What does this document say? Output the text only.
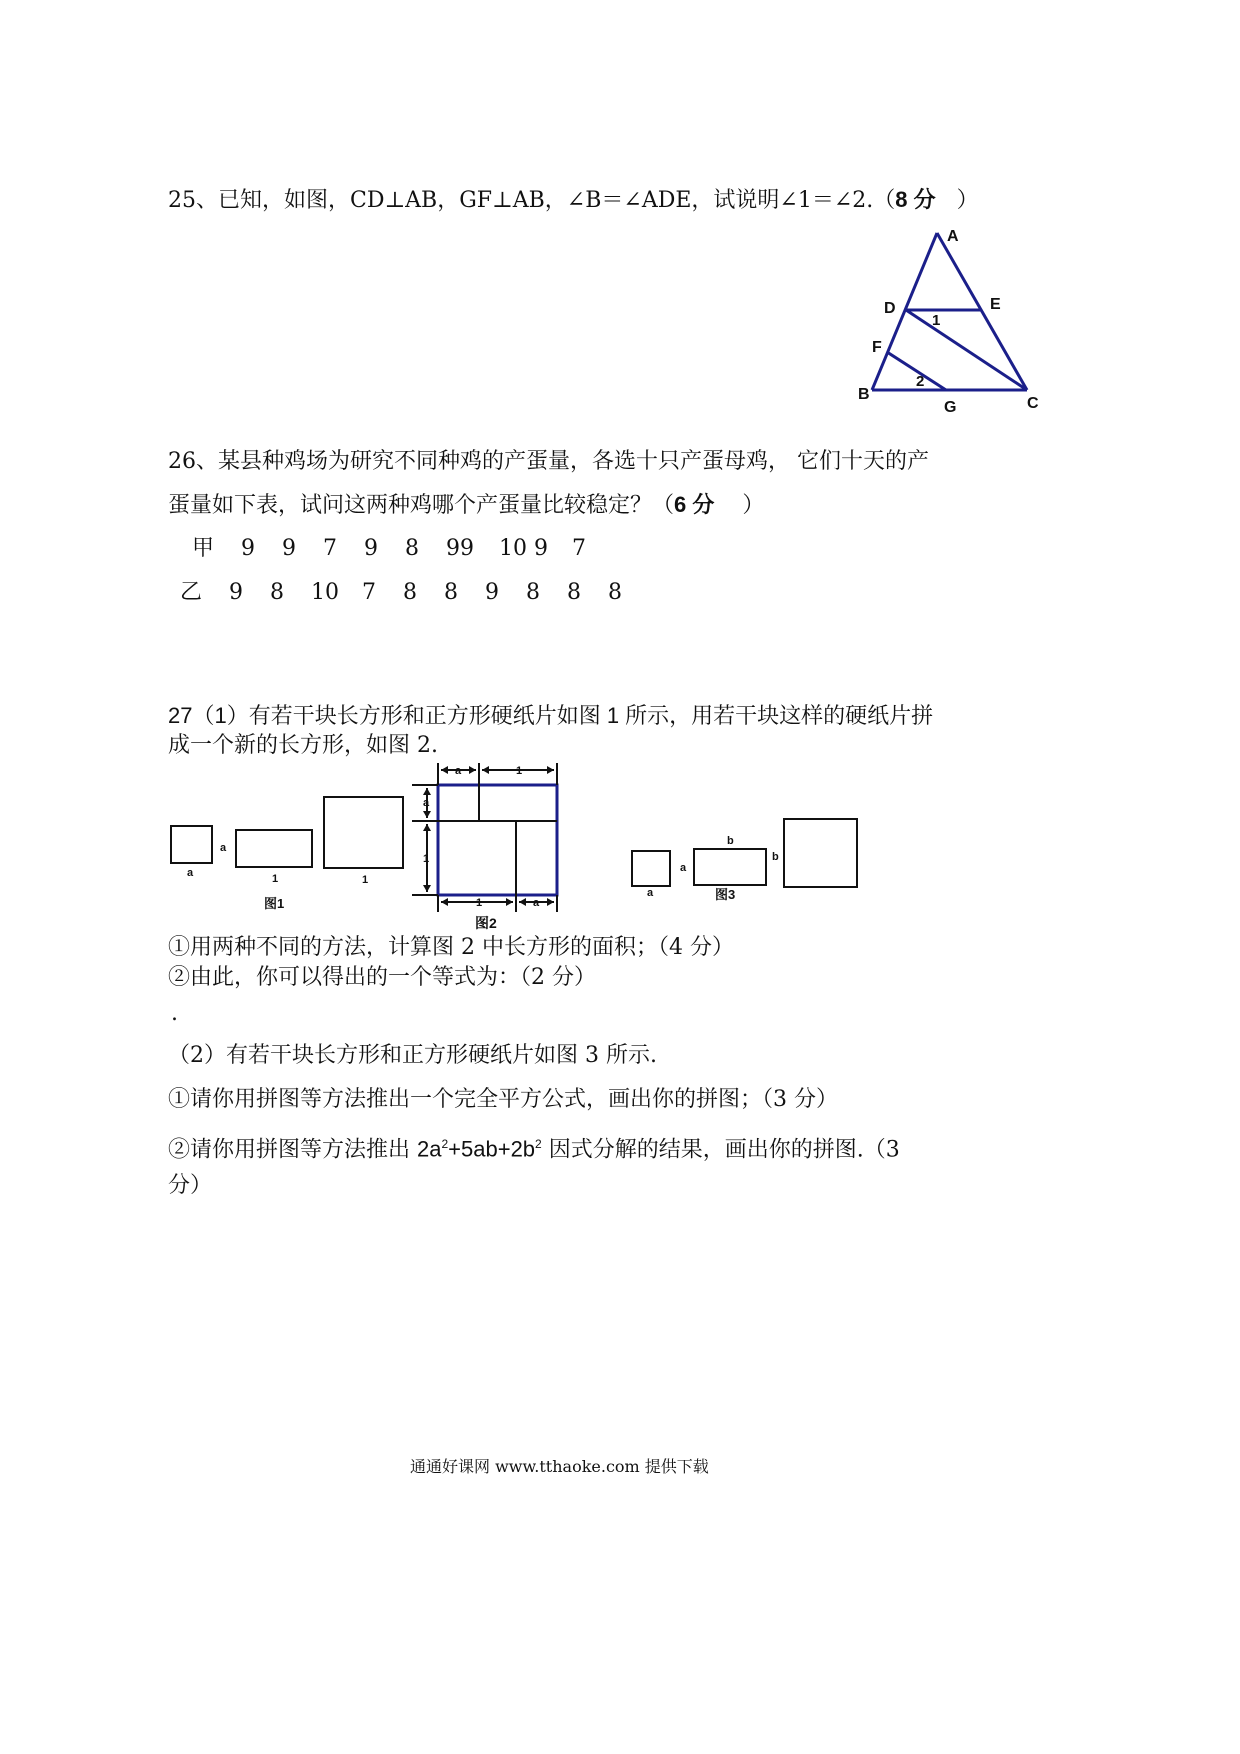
25、已知，如图，CD⊥AB，GF⊥AB，∠B＝∠ADE，试说明∠1＝∠2.（8 分 ）
A
D	E
1
F
2
B
G	C
26、某县种鸡场为研究不同种鸡的产蛋量，各选十只产蛋母鸡， 它们十天的产
蛋量如下表，试问这两种鸡哪个产蛋量比较稳定？（6 分 ）
甲 9 9 7 9 8 99 10 9 7
乙 9 8 10 7 8 8 9 8 8 8
27（1）有若干块长方形和正方形硬纸片如图 1 所示，用若干块这样的硬纸片拼
成一个新的长方形，如图 2.
a
a
1	1
图1
a	1
a
1
1	a
图2
a
a
b
b
图3
①用两种不同的方法，计算图 2 中长方形的面积；（4 分）
②由此，你可以得出的一个等式为：（2 分）
.
（2）有若干块长方形和正方形硬纸片如图 3 所示.
①请你用拼图等方法推出一个完全平方公式，画出你的拼图；（3 分）
②请你用拼图等方法推出 $2a^2+5ab+2b^2$ 因式分解的结果，画出你的拼图.（3
分）
通通好课网 www.tthaoke.com 提供下载
